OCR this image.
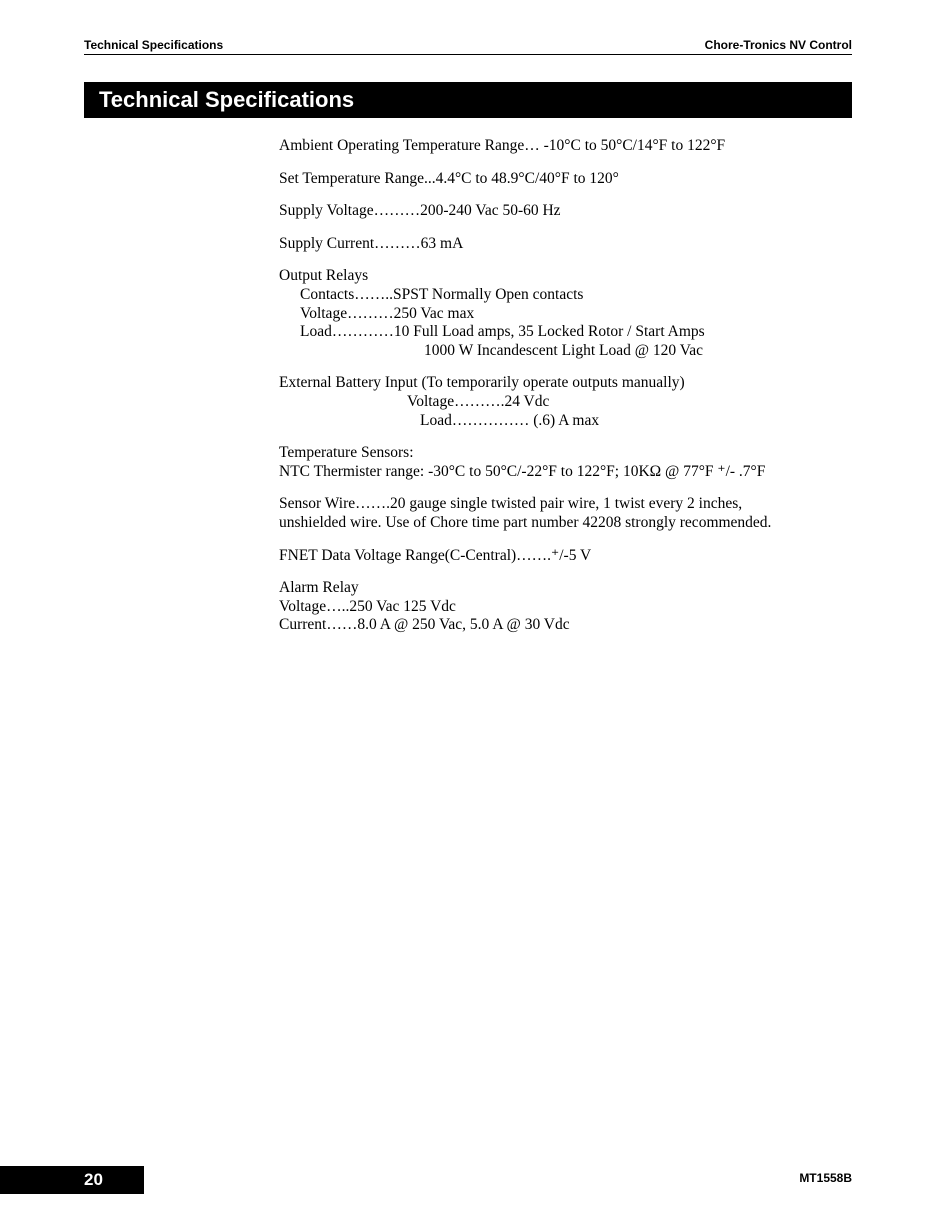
Technical Specifications	Chore-Tronics NV Control
Technical Specifications

Ambient Operating Temperature Range… -10°C to 50°C/14°F to 122°F

Set Temperature Range...4.4°C to 48.9°C/40°F to 120°

Supply Voltage………200-240 Vac 50-60 Hz

Supply Current………63 mA

Output Relays
Contacts……..SPST Normally Open contacts
Voltage………250 Vac max
Load…………10 Full Load amps, 35 Locked Rotor / Start Amps
1000 W Incandescent Light Load @ 120 Vac

External Battery Input (To temporarily operate outputs manually)
Voltage……….24 Vdc
Load…………… (.6) A max

Temperature Sensors:
NTC Thermister range: -30°C to 50°C/-22°F to 122°F; 10KΩ @ 77°F ⁺/- .7°F

Sensor Wire…….20 gauge single twisted pair wire, 1 twist every 2 inches,
unshielded wire. Use of Chore time part number 42208 strongly recommended.

FNET Data Voltage Range(C-Central)…….⁺/-5 V

Alarm Relay
Voltage…..250 Vac 125 Vdc
Current……8.0 A @ 250 Vac, 5.0 A @ 30 Vdc

20	MT1558B
